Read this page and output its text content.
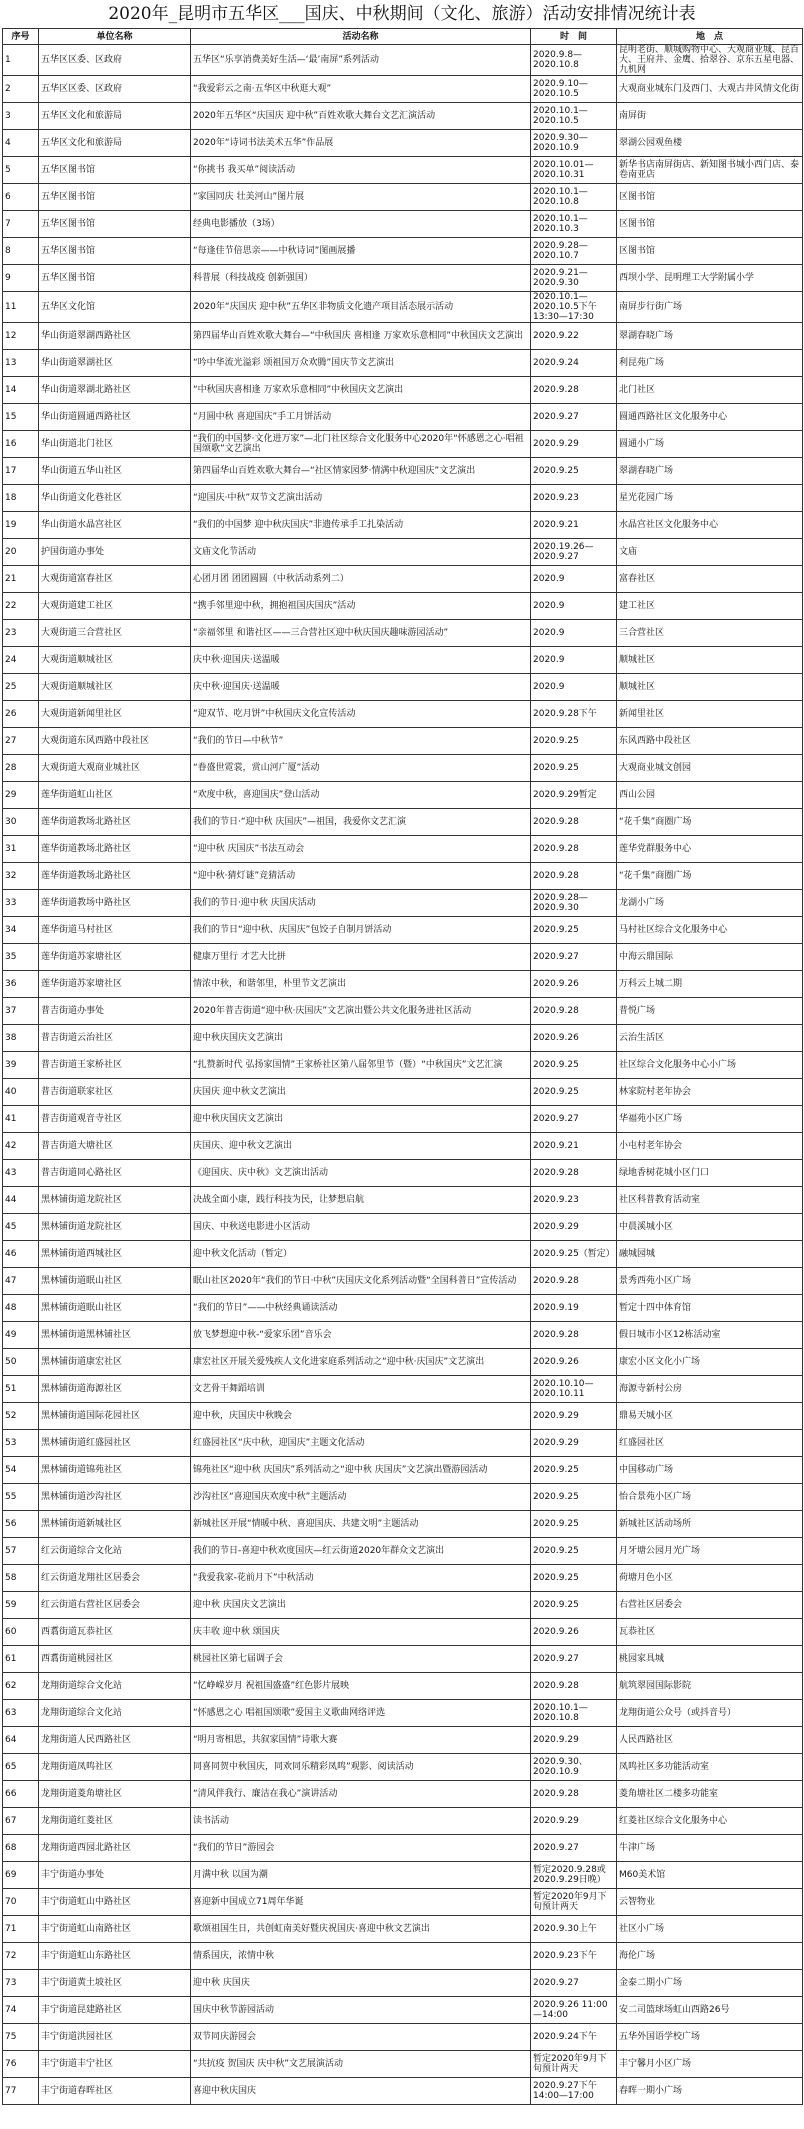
2020年_昆明市五华区___国庆、中秋期间（文化、旅游）活动安排情况统计表
序号	单位名称	活动名称	时　间	地　点
1	五华区区委、区政府	五华区“乐享消费美好生活—‘最’南屏”系列活动	2020.9.8—2020.10.8	昆明老街、顺城购物中心、大观商业城、昆百大、王府井、金鹰、拾翠谷、京东五星电器、九机网
2	五华区区委、区政府	“我爱彩云之南·五华区中秋逛大观”	2020.9.10—2020.10.5	大观商业城东门及西门、大观古井风情文化街
3	五华区文化和旅游局	2020年五华区“庆国庆 迎中秋”百姓欢歌大舞台文艺汇演活动	2020.10.1—2020.10.5	南屏街
4	五华区文化和旅游局	2020年“诗词书法美术五华”作品展	2020.9.30—2020.10.9	翠湖公园观鱼楼
5	五华区图书馆	“你挑书 我买单”阅读活动	2020.10.01—2020.10.31	新华书店南屏街店、新知图书城小西门店、泰卷南亚店
6	五华区图书馆	“家国同庆 壮美河山”图片展	2020.10.1—2020.10.8	区图书馆
7	五华区图书馆	经典电影播放（3场）	2020.10.1—2020.10.3	区图书馆
8	五华区图书馆	“每逢佳节倍思亲——中秋诗词”图画展播	2020.9.28—2020.10.7	区图书馆
9	五华区图书馆	科普展（科技战疫 创新强国）	2020.9.21—2020.9.30	西坝小学、昆明理工大学附属小学
11	五华区文化馆	2020年“庆国庆 迎中秋”五华区非物质文化遗产项目活态展示活动	2020.10.1—2020.10.5下午13:30—17:30	南屏步行街广场
12	华山街道翠湖西路社区	第四届华山百姓欢歌大舞台—“中秋国庆 喜相逢 万家欢乐意相同”中秋国庆文艺演出	2020.9.22	翠湖春晓广场
13	华山街道翠湖社区	“吟中华流光溢彩 颂祖国万众欢腾”国庆节文艺演出	2020.9.24	利昆苑广场
14	华山街道翠湖北路社区	“中秋国庆喜相逢 万家欢乐意相同”中秋国庆文艺演出	2020.9.28	北门社区
15	华山街道圆通西路社区	“月圆中秋 喜迎国庆”手工月饼活动	2020.9.27	圆通西路社区文化服务中心
16	华山街道北门社区	“我们的中国梦·文化进万家”—北门社区综合文化服务中心2020年“怀感恩之心·唱祖国颂歌”文艺演出	2020.9.29	圆通小广场
17	华山街道五华山社区	第四届华山百姓欢歌大舞台—“社区情家园梦·情满中秋迎国庆”文艺演出	2020.9.25	翠湖春晓广场
18	华山街道文化巷社区	“迎国庆·中秋”双节文艺演出活动	2020.9.23	星光花园广场
19	华山街道水晶宫社区	“我们的中国梦 迎中秋庆国庆”非遗传承手工扎染活动	2020.9.21	水晶宫社区文化服务中心
20	护国街道办事处	文庙文化节活动	2020.19.26—2020.9.27	文庙
21	大观街道富春社区	心团月团 团团圆圆（中秋活动系列二）	2020.9	富春社区
22	大观街道建工社区	“携手邻里迎中秋，拥抱祖国庆国庆”活动	2020.9	建工社区
23	大观街道三合营社区	“亲福邻里 和谐社区——三合营社区迎中秋庆国庆趣味游园活动”	2020.9	三合营社区
24	大观街道顺城社区	庆中秋·迎国庆·送温暖	2020.9	顺城社区
25	大观街道顺城社区	庆中秋·迎国庆·送温暖	2020.9	顺城社区
26	大观街道新闻里社区	“迎双节、吃月饼”中秋国庆文化宣传活动	2020.9.28下午	新闻里社区
27	大观街道东风西路中段社区	“我们的节日—中秋节”	2020.9.25	东风西路中段社区
28	大观街道大观商业城社区	“眷盛世霓裳，赏山河广厦”活动	2020.9.25	大观商业城文创园
29	莲华街道虹山社区	“欢度中秋，喜迎国庆”登山活动	2020.9.29暂定	西山公园
30	莲华街道教场北路社区	我们的节日·“迎中秋 庆国庆”—祖国，我爱你文艺汇演	2020.9.28	“花千集”商圈广场
31	莲华街道教场北路社区	“迎中秋 庆国庆”书法互动会	2020.9.28	莲华党群服务中心
32	莲华街道教场北路社区	“迎中秋·猜灯谜”竞猜活动	2020.9.28	“花千集”商圈广场
33	莲华街道教场中路社区	我们的节日·迎中秋 庆国庆活动	2020.9.28—2020.9.30	龙湖小广场
34	莲华街道马村社区	我们的节日“迎中秋、庆国庆”包饺子自制月饼活动	2020.9.25	马村社区综合文化服务中心
35	莲华街道苏家塘社区	健康万里行 才艺大比拼	2020.9.27	中海云鼎国际
36	莲华街道苏家塘社区	情浓中秋，和谐邻里，朴里节文艺演出	2020.9.26	万科云上城二期
37	普吉街道办事处	2020年普吉街道“迎中秋·庆国庆”文艺演出暨公共文化服务进社区活动	2020.9.28	普悦广场
38	普吉街道云治社区	迎中秋庆国庆文艺演出	2020.9.26	云治生活区
39	普吉街道王家桥社区	“扎赞新时代 弘扬家国情”王家桥社区第八届邻里节（暨）“中秋国庆”文艺汇演	2020.9.25	社区综合文化服务中心小广场
40	普吉街道联家社区	庆国庆 迎中秋文艺演出	2020.9.25	林家院村老年协会
41	普吉街道观音寺社区	迎中秋庆国庆文艺演出	2020.9.27	华福苑小区广场
42	普吉街道大塘社区	庆国庆、迎中秋文艺演出	2020.9.21	小屯村老年协会
43	普吉街道同心路社区	《迎国庆、庆中秋》文艺演出活动	2020.9.28	绿地香树花城小区门口
44	黑林铺街道龙院社区	决战全面小康，践行科技为民，让梦想启航	2020.9.23	社区科普教育活动室
45	黑林铺街道龙院社区	国庆、中秋送电影进小区活动	2020.9.29	中晨溪城小区
46	黑林铺街道西城社区	迎中秋文化活动（暂定）	2020.9.25（暂定）	融城园城
47	黑林铺街道眠山社区	眠山社区2020年“我们的节日·中秋”庆国庆文化系列活动暨“全国科普日”宣传活动	2020.9.28	景秀西苑小区广场
48	黑林铺街道眠山社区	“我们的节日”——中秋经典诵读活动	2020.9.19	暂定十四中体育馆
49	黑林铺街道黑林铺社区	放飞梦想迎中秋-“爱家乐团”音乐会	2020.9.28	假日城市小区12栋活动室
50	黑林铺街道康宏社区	康宏社区开展关爱残疾人文化进家庭系列活动之“迎中秋·庆国庆”文艺演出	2020.9.26	康宏小区文化小广场
51	黑林铺街道海源社区	文艺骨干舞蹈培训	2020.10.10—2020.10.11	海源寺新村公房
52	黑林铺街道国际花园社区	迎中秋，庆国庆中秋晚会	2020.9.29	鼎易天城小区
53	黑林铺街道红盛园社区	红盛园社区“庆中秋，迎国庆”主题文化活动	2020.9.29	红盛园社区
54	黑林铺街道锦苑社区	锦苑社区“迎中秋 庆国庆”系列活动之“迎中秋 庆国庆”文艺演出暨游园活动	2020.9.25	中国移动广场
55	黑林铺街道沙沟社区	沙沟社区“喜迎国庆欢度中秋”主题活动	2020.9.25	怡合景苑小区广场
56	黑林铺街道新城社区	新城社区开展“情暖中秋、喜迎国庆、共建文明”主题活动	2020.9.25	新城社区活动场所
57	红云街道综合文化站	我们的节日-喜迎中秋欢度国庆—红云街道2020年群众文艺演出	2020.9.25	月牙塘公园月光广场
58	红云街道龙翔社区居委会	“我爱我家-花前月下”中秋活动	2020.9.25	荷塘月色小区
59	红云街道右营社区居委会	迎中秋 庆国庆文艺演出	2020.9.25	右营社区居委会
60	西翥街道瓦恭社区	庆丰收 迎中秋 颂国庆	2020.9.26	瓦恭社区
61	西翥街道桃园社区	桃园社区第七届调子会	2020.9.27	桃园家具城
62	龙翔街道综合文化站	“忆峥嵘岁月 祝祖国盛盛”红色影片展映	2020.9.28	航筑翠园国际影院
63	龙翔街道综合文化站	“怀感恩之心 唱祖国颂歌”爱国主义歌曲网络评选	2020.10.1—2020.10.8	龙翔街道公众号（或抖音号）
64	龙翔街道人民西路社区	“明月寄相思，共叙家国情”诗歌大赛	2020.9.29	人民西路社区
65	龙翔街道凤鸣社区	同喜同贺中秋国庆，同欢同乐精彩凤鸣”观影、阅读活动	2020.9.30、2020.10.9	凤鸣社区多功能活动室
66	龙翔街道菱角塘社区	“清风伴我行、廉洁在我心”演讲活动	2020.9.28	菱角塘社区二楼多功能室
67	龙翔街道红菱社区	读书活动	2020.9.29	红菱社区综合文化服务中心
68	龙翔街道西园北路社区	“我们的节日”游园会	2020.9.27	牛津广场
69	丰宁街道办事处	月满中秋 以国为潮	暂定2020.9.28或2020.9.29日晚）	M60美术馆
70	丰宁街道虹山中路社区	喜迎新中国成立71周年华诞	暂定2020年9月下旬预计两天	云智物业
71	丰宁街道虹山南路社区	歌颂祖国生日，共创虹南美好暨庆祝国庆·喜迎中秋文艺演出	2020.9.30上午	社区小广场
72	丰宁街道虹山东路社区	情系国庆，浓情中秋	2020.9.23下午	海伦广场
73	丰宁街道黄土坡社区	迎中秋 庆国庆	2020.9.27	金泰二期小广场
74	丰宁街道昆建路社区	国庆中秋节游园活动	2020.9.26 11:00—14:00	安二司篮球场虹山西路26号
75	丰宁街道洪园社区	双节同庆游园会	2020.9.24下午	五华外国语学校广场
76	丰宁街道丰宁社区	“共抗疫 贺国庆 庆中秋”文艺展演活动	暂定2020年9月下旬预计两天	丰宁馨月小区广场
77	丰宁街道春晖社区	喜迎中秋庆国庆	2020.9.27下午14:00—17:00	春晖一期小广场
